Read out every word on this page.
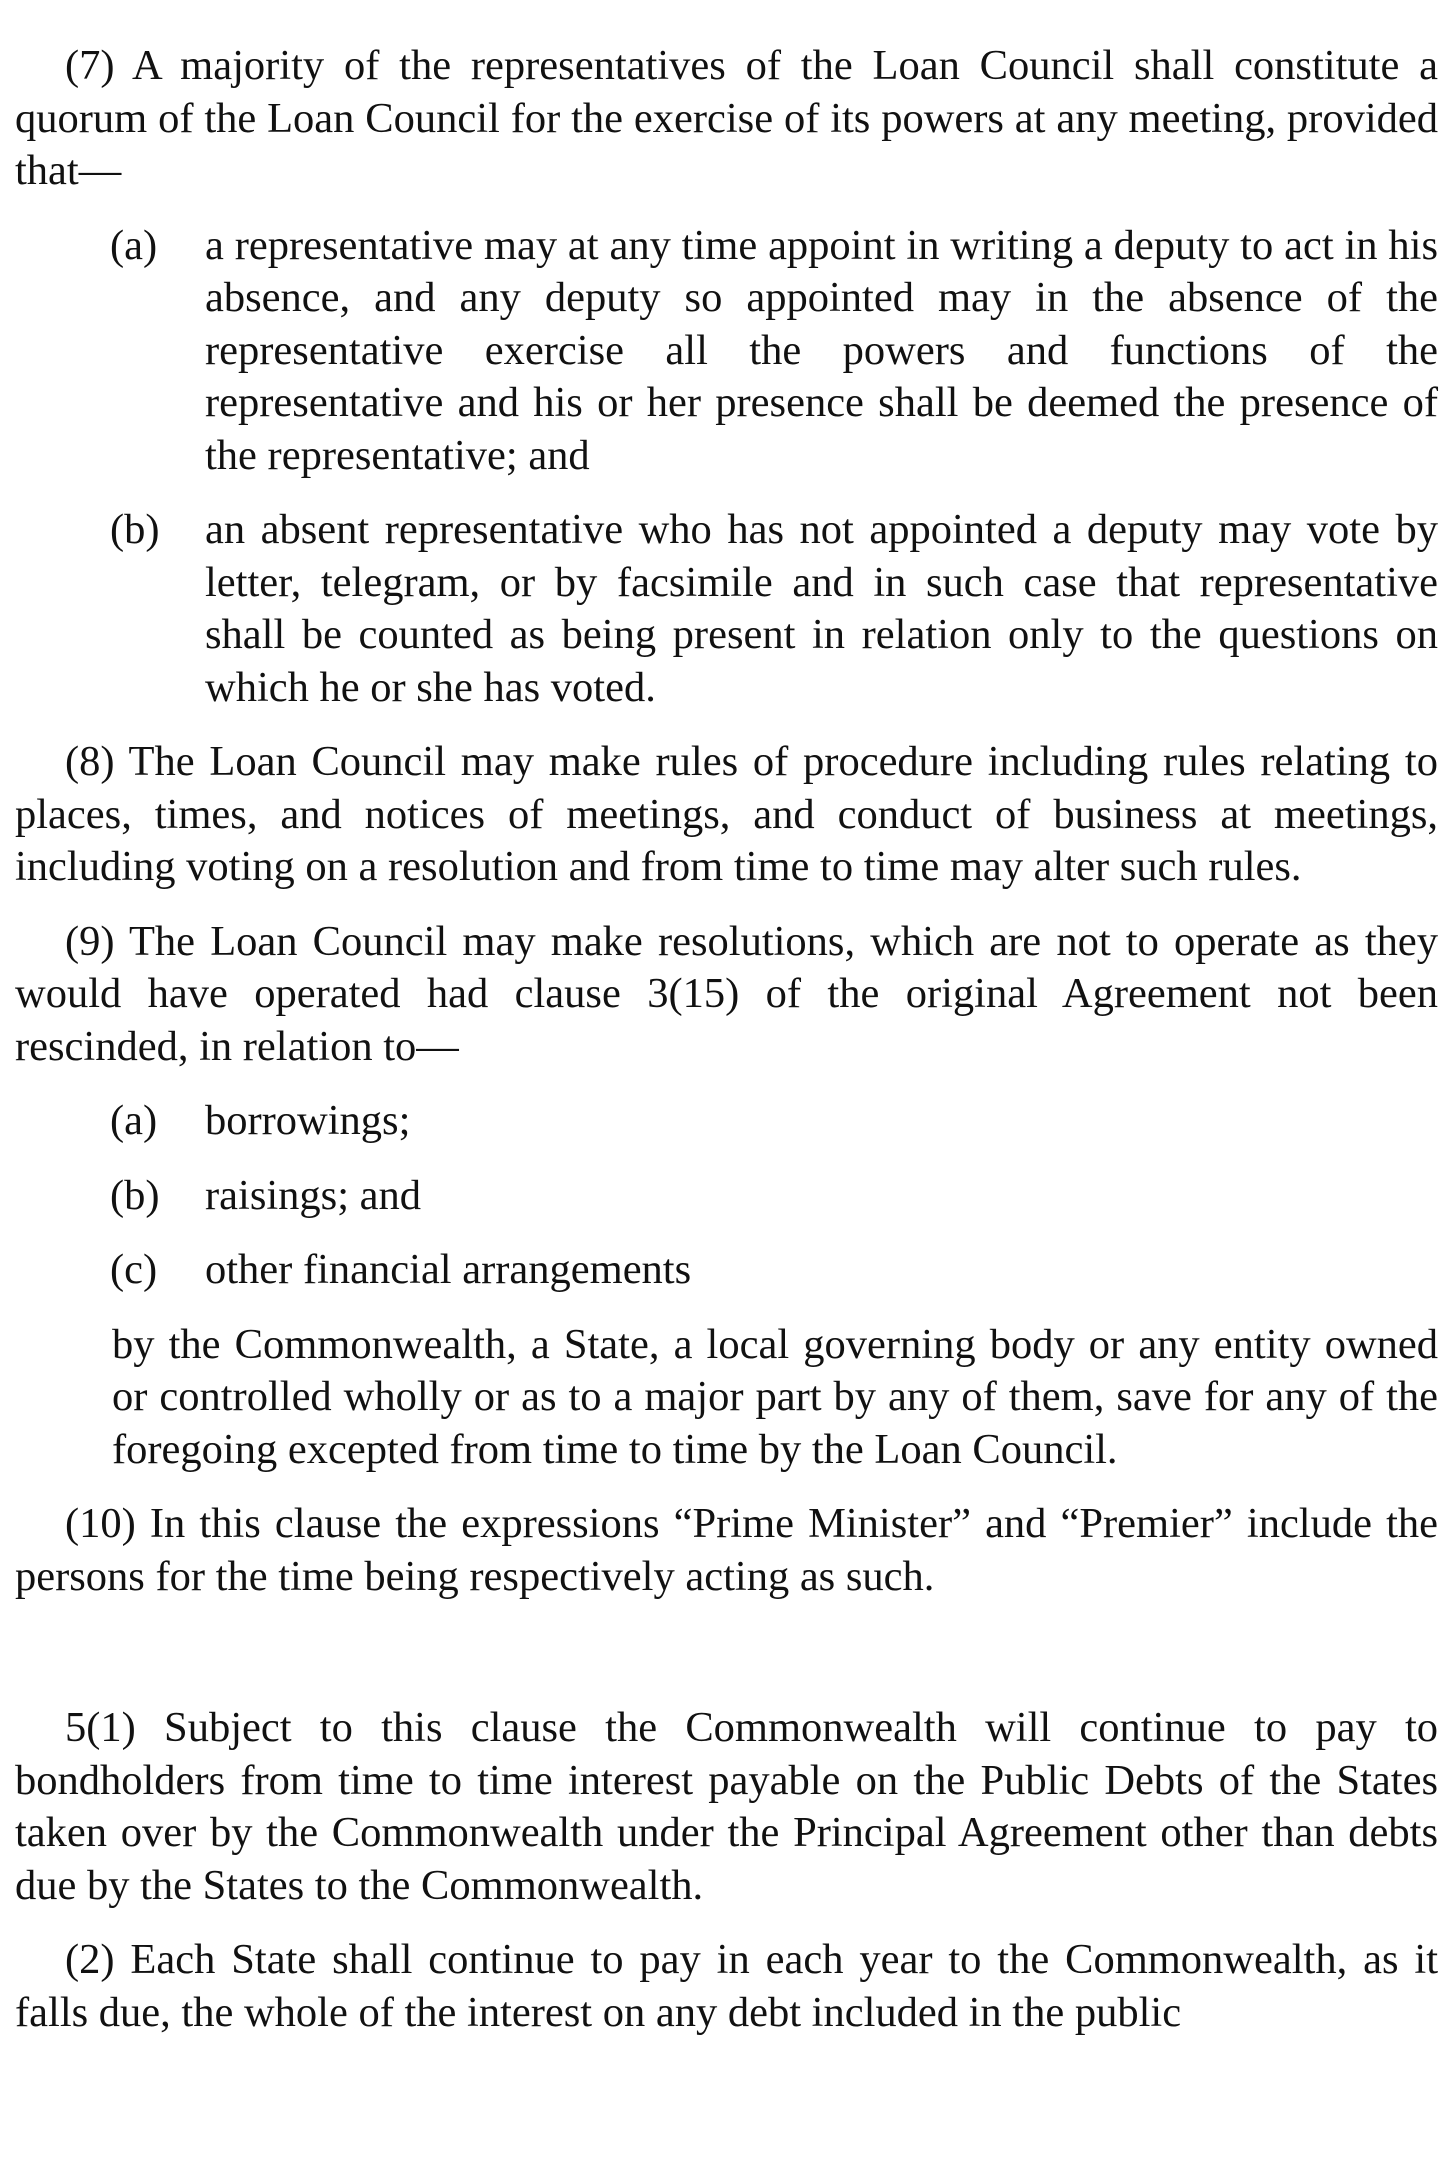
(7) A majority of the representatives of the Loan Council shall constitute a quorum of the Loan Council for the exercise of its powers at any meeting, provided that—

(a)	a representative may at any time appoint in writing a deputy to act in his absence, and any deputy so appointed may in the absence of the representative exercise all the powers and functions of the representative and his or her presence shall be deemed the presence of the representative; and
(b)	an absent representative who has not appointed a deputy may vote by letter, telegram, or by facsimile and in such case that representative shall be counted as being present in relation only to the questions on which he or she has voted.

(8) The Loan Council may make rules of procedure including rules relating to places, times, and notices of meetings, and conduct of business at meetings, including voting on a resolution and from time to time may alter such rules.

(9) The Loan Council may make resolutions, which are not to operate as they would have operated had clause 3(15) of the original Agreement not been rescinded, in relation to—

(a)	borrowings;
(b)	raisings; and
(c)	other financial arrangements

by the Commonwealth, a State, a local governing body or any entity owned or controlled wholly or as to a major part by any of them, save for any of the foregoing excepted from time to time by the Loan Council.

(10) In this clause the expressions “Prime Minister” and “Premier” include the persons for the time being respectively acting as such.

5(1) Subject to this clause the Commonwealth will continue to pay to bondholders from time to time interest payable on the Public Debts of the States taken over by the Commonwealth under the Principal Agreement other than debts due by the States to the Commonwealth.

(2) Each State shall continue to pay in each year to the Commonwealth, as it falls due, the whole of the interest on any debt included in the public
